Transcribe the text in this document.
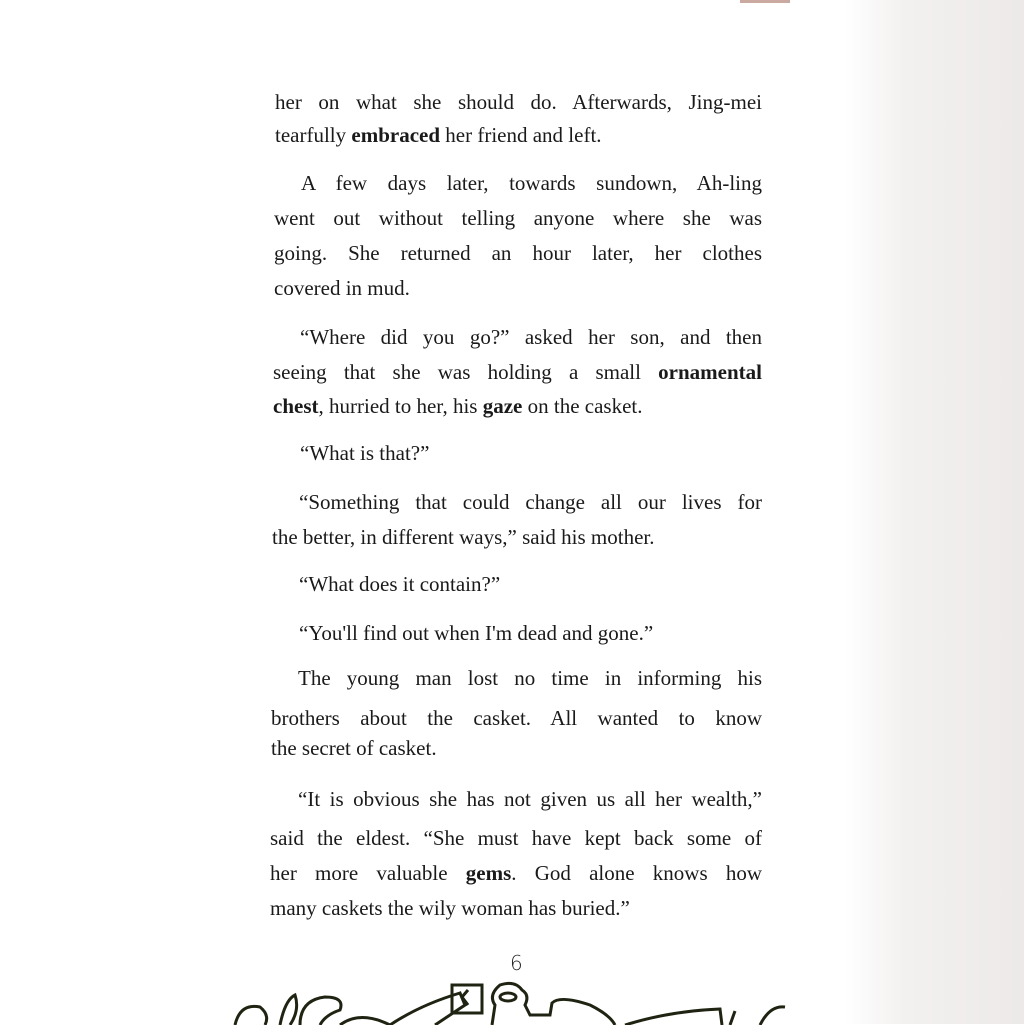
her on what she should do. Afterwards, Jing-mei
tearfully embraced her friend and left.
A few days later, towards sundown, Ah-ling
went out without telling anyone where she was
going. She returned an hour later, her clothes
covered in mud.
“Where did you go?” asked her son, and then
seeing that she was holding a small ornamental
chest, hurried to her, his gaze on the casket.
“What is that?”
“Something that could change all our lives for
the better, in different ways,” said his mother.
“What does it contain?”
“You'll find out when I'm dead and gone.”
The young man lost no time in informing his
brothers about the casket. All wanted to know
the secret of casket.
“It is obvious she has not given us all her wealth,”
said the eldest. “She must have kept back some of
her more valuable gems. God alone knows how
many caskets the wily woman has buried.”
6
